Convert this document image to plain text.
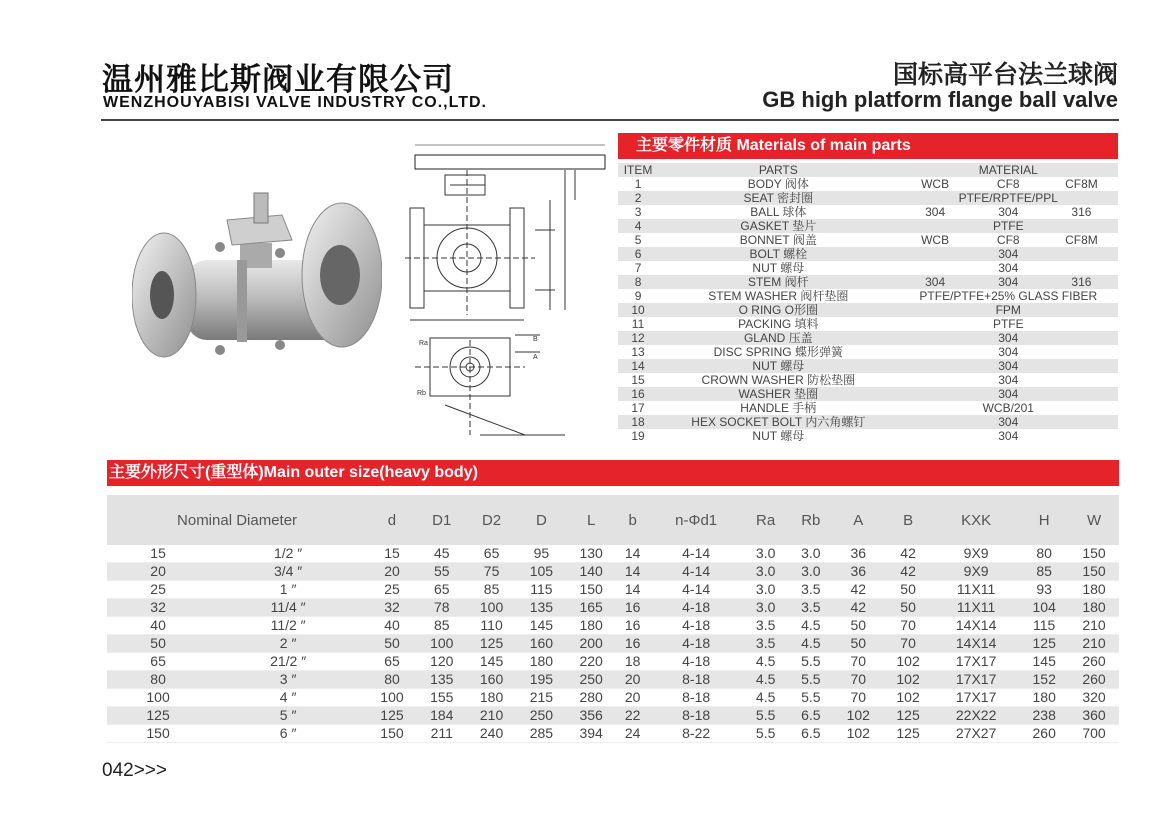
温州雅比斯阀业有限公司
WENZHOUYABISI VALVE INDUSTRY CO.,LTD.
国标高平台法兰球阀
GB high platform flange ball valve
Ra
Rb
A
B
主要零件材质 Materials of main parts
ITEM	PARTS	MATERIAL		
1	BODY 阀体	WCB	CF8	CF8M
2	SEAT 密封圈	PTFE/RPTFE/PPL		
3	BALL 球体	304	304	316
4	GASKET 垫片	PTFE		
5	BONNET 阀盖	WCB	CF8	CF8M
6	BOLT 螺栓	304		
7	NUT 螺母	304		
8	STEM 阀杆	304	304	316
9	STEM WASHER 阀杆垫圈	PTFE/PTFE+25% GLASS FIBER		
10	O RING O形圈	FPM		
11	PACKING 填料	PTFE		
12	GLAND 压盖	304		
13	DISC SPRING 蝶形弹簧	304		
14	NUT 螺母	304		
15	CROWN WASHER 防松垫圈	304		
16	WASHER 垫圈	304		
17	HANDLE 手柄	WCB/201		
18	HEX SOCKET BOLT 内六角螺钉	304		
19	NUT 螺母	304		
主要外形尺寸(重型体)Main outer size(heavy body)
Nominal Diameter		d	D1	D2	D	L	b	n-Φd1	Ra	Rb	A	B	KXK	H	W
15	1/2 ″	15	45	65	95	130	14	4-14	3.0	3.0	36	42	9X9	80	150
20	3/4 ″	20	55	75	105	140	14	4-14	3.0	3.0	36	42	9X9	85	150
25	1 ″	25	65	85	115	150	14	4-14	3.0	3.5	42	50	11X11	93	180
32	11/4 ″	32	78	100	135	165	16	4-18	3.0	3.5	42	50	11X11	104	180
40	11/2 ″	40	85	110	145	180	16	4-18	3.5	4.5	50	70	14X14	115	210
50	2 ″	50	100	125	160	200	16	4-18	3.5	4.5	50	70	14X14	125	210
65	21/2 ″	65	120	145	180	220	18	4-18	4.5	5.5	70	102	17X17	145	260
80	3 ″	80	135	160	195	250	20	8-18	4.5	5.5	70	102	17X17	152	260
100	4 ″	100	155	180	215	280	20	8-18	4.5	5.5	70	102	17X17	180	320
125	5 ″	125	184	210	250	356	22	8-18	5.5	6.5	102	125	22X22	238	360
150	6 ″	150	211	240	285	394	24	8-22	5.5	6.5	102	125	27X27	260	700
042>>>
